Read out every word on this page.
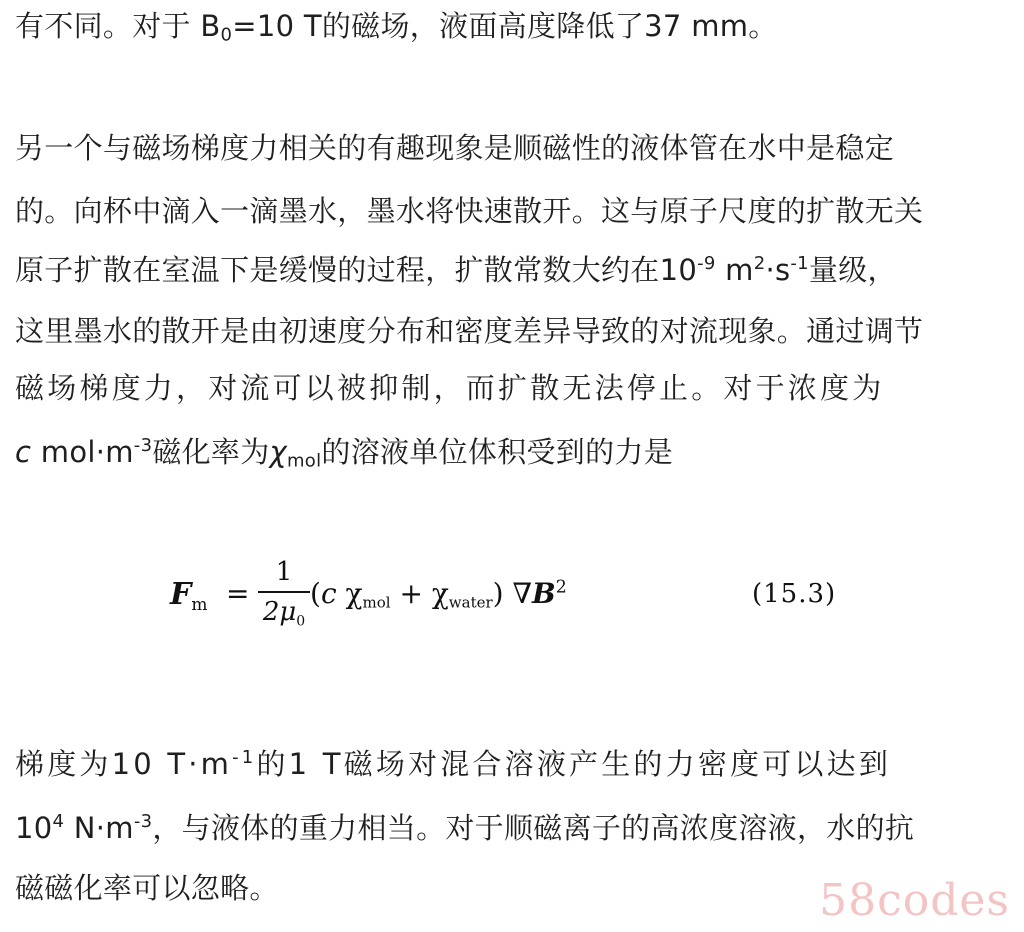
有不同。对于 $B_0=10$ T的磁场，液面高度降低了37 mm。
另一个与磁场梯度力相关的有趣现象是顺磁性的液体管在水中是稳定
的。向杯中滴入一滴墨水，墨水将快速散开。这与原子尺度的扩散无关
原子扩散在室温下是缓慢的过程，扩散常数大约在$10^{-9}$ $m^2\cdot s^{-1}$量级，
这里墨水的散开是由初速度分布和密度差异导致的对流现象。通过调节
磁场梯度力，对流可以被抑制，而扩散无法停止。对于浓度为
c $mol\cdot m^{-3}$磁化率为$\chi_{mol}$的溶液单位体积受到的力是
Fm =
1
$2\mu_0$
(c χmol + χwater) $\nabla B^2$	(15.3)
梯度为10 $T\cdot m^{-1}$的1 T磁场对混合溶液产生的力密度可以达到
$10^4$ $N\cdot m^{-3}$，与液体的重力相当。对于顺磁离子的高浓度溶液，水的抗
磁磁化率可以忽略。	58codes
